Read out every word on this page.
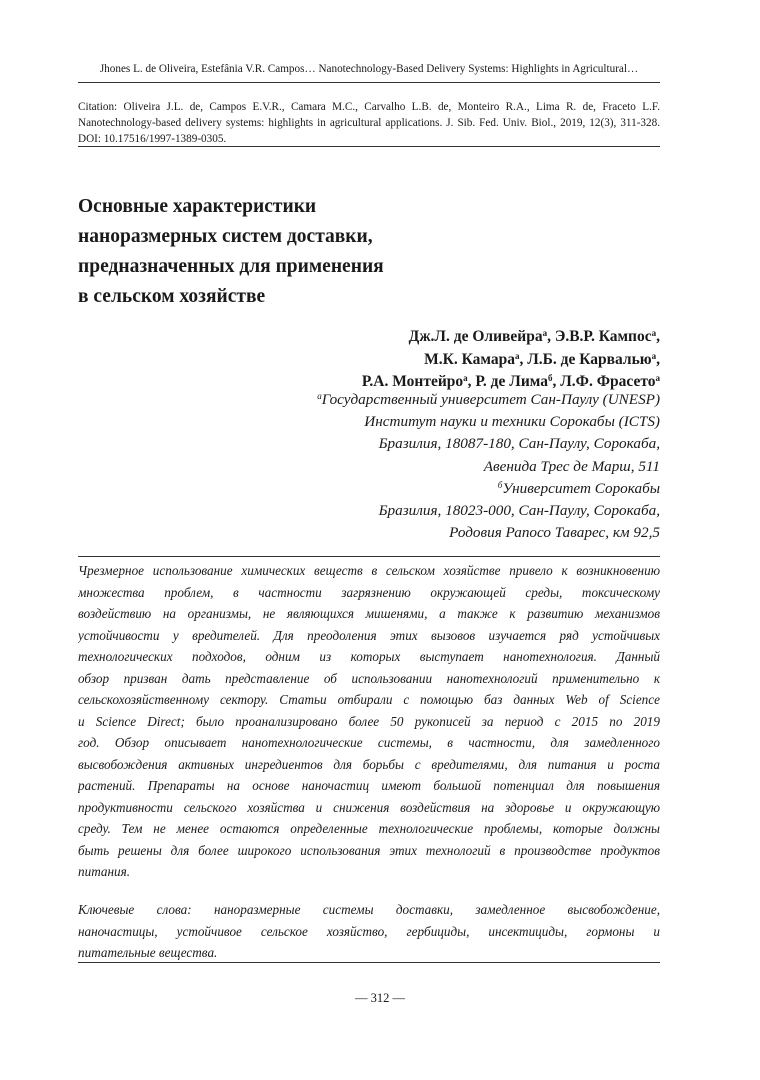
Jhones L. de Oliveira, Estefânia V.R. Campos… Nanotechnology-Based Delivery Systems: Highlights in Agricultural…
Citation: Oliveira J.L. de, Campos E.V.R., Camara M.C., Carvalho L.B. de, Monteiro R.A., Lima R. de, Fraceto L.F. Nanotechnology-based delivery systems: highlights in agricultural applications. J. Sib. Fed. Univ. Biol., 2019, 12(3), 311-328. DOI: 10.17516/1997-1389-0305.
Основные характеристики
наноразмерных систем доставки,
предназначенных для применения
в сельском хозяйстве
Дж.Л. де Оливейра$^а$, Э.В.Р. Кампос$^а$,
М.К. Камара$^а$, Л.Б. де Карвалью$^а$,
Р.А. Монтейро$^а$, Р. де Лима$^б$, Л.Ф. Фрасето$^а$
$^а$Государственный университет Сан-Паулу (UNESP)
Институт науки и техники Сорокабы (ICTS)
Бразилия, 18087-180, Сан-Паулу, Сорокаба,
Авенида Трес де Марш, 511
$^б$Университет Сорокабы
Бразилия, 18023-000, Сан-Паулу, Сорокаба,
Родовия Рапосо Таварес, км 92,5
Чрезмерное использование химических веществ в сельском хозяйстве привело к возникновению
множества проблем, в частности загрязнению окружающей среды, токсическому
воздействию на организмы, не являющихся мишенями, а также к развитию механизмов
устойчивости у вредителей. Для преодоления этих вызовов изучается ряд устойчивых
технологических подходов, одним из которых выступает нанотехнология. Данный
обзор призван дать представление об использовании нанотехнологий применительно к
сельскохозяйственному сектору. Статьи отбирали с помощью баз данных Web of Science
и Science Direct; было проанализировано более 50 рукописей за период с 2015 по 2019
год. Обзор описывает нанотехнологические системы, в частности, для замедленного
высвобождения активных ингредиентов для борьбы с вредителями, для питания и роста
растений. Препараты на основе наночастиц имеют большой потенциал для повышения
продуктивности сельского хозяйства и снижения воздействия на здоровье и окружающую
среду. Тем не менее остаются определенные технологические проблемы, которые должны
быть решены для более широкого использования этих технологий в производстве продуктов
питания.
Ключевые слова: наноразмерные системы доставки, замедленное высвобождение,
наночастицы, устойчивое сельское хозяйство, гербициды, инсектициды, гормоны и
питательные вещества.
― 312 ―
